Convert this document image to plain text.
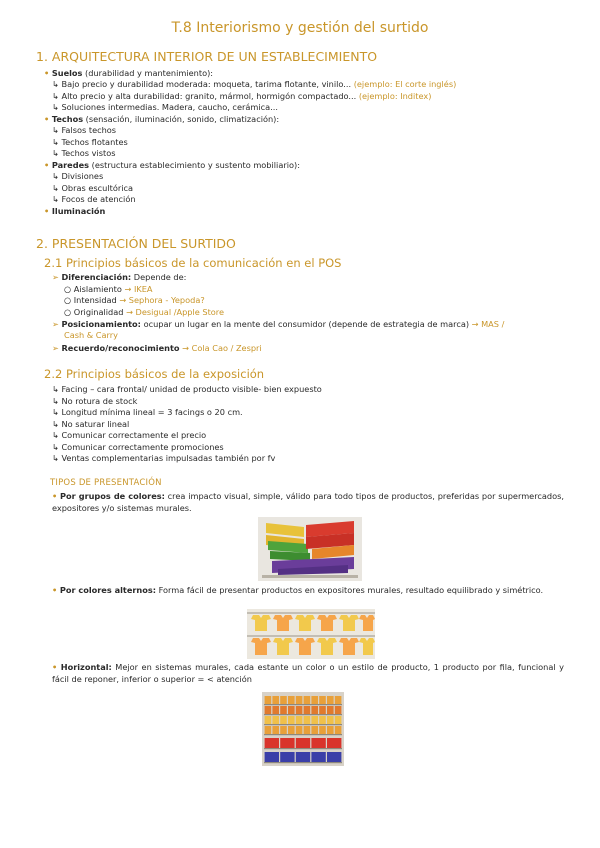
T.8 Interiorismo y gestión del surtido
1. ARQUITECTURA INTERIOR DE UN ESTABLECIMIENTO
• Suelos (durabilidad y mantenimiento):
↳ Bajo precio y durabilidad moderada: moqueta, tarima flotante, vinilo... (ejemplo: El corte inglés)
↳ Alto precio y alta durabilidad: granito, mármol, hormigón compactado... (ejemplo: Inditex)
↳ Soluciones intermedias. Madera, caucho, cerámica...
• Techos (sensación, iluminación, sonido, climatización):
↳ Falsos techos
↳ Techos flotantes
↳ Techos vistos
• Paredes (estructura establecimiento y sustento mobiliario):
↳ Divisiones
↳ Obras escultórica
↳ Focos de atención
• Iluminación
2. PRESENTACIÓN DEL SURTIDO
2.1 Principios básicos de la comunicación en el POS
➢ Diferenciación: Depende de:
○ Aislamiento → IKEA
○ Intensidad → Sephora - Yepoda?
○ Originalidad → Desigual /Apple Store
➢ Posicionamiento: ocupar un lugar en la mente del consumidor (depende de estrategia de marca) → MAS /
Cash & Carry
➢ Recuerdo/reconocimiento → Cola Cao / Zespri
2.2 Principios básicos de la exposición
↳ Facing – cara frontal/ unidad de producto visible- bien expuesto
↳ No rotura de stock
↳ Longitud mínima lineal = 3 facings o 20 cm.
↳ No saturar lineal
↳ Comunicar correctamente el precio
↳ Comunicar correctamente promociones
↳ Ventas complementarias impulsadas también por fv
TIPOS DE PRESENTACIÓN
• Por grupos de colores: crea impacto visual, simple, válido para todo tipos de productos, preferidas por supermercados, expositores y/o sistemas murales.
• Por colores alternos: Forma fácil de presentar productos en expositores murales, resultado equilibrado y simétrico.
• Horizontal: Mejor en sistemas murales, cada estante un color o un estilo de producto, 1 producto por fila, funcional y fácil de reponer, inferior o superior = < atención
